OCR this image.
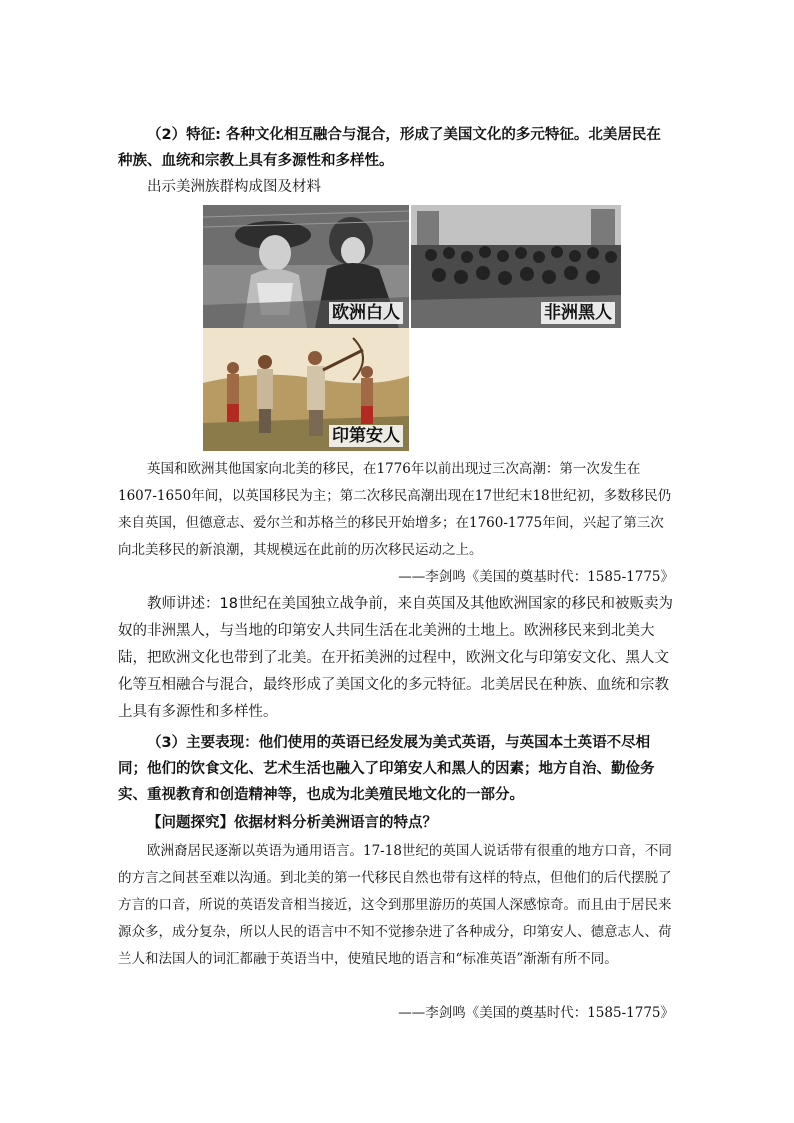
（2）特征: 各种文化相互融合与混合，形成了美国文化的多元特征。北美居民在种族、血统和宗教上具有多源性和多样性。

出示美洲族群构成图及材料

欧洲白人	非洲黑人
印第安人

英国和欧洲其他国家向北美的移民，在1776年以前出现过三次高潮：第一次发生在1607-1650年间，以英国移民为主；第二次移民高潮出现在17世纪末18世纪初，多数移民仍来自英国，但德意志、爱尔兰和苏格兰的移民开始增多；在1760-1775年间，兴起了第三次向北美移民的新浪潮，其规模远在此前的历次移民运动之上。

——李剑鸣《美国的奠基时代：1585-1775》

教师讲述：18世纪在美国独立战争前，来自英国及其他欧洲国家的移民和被贩卖为奴的非洲黑人，与当地的印第安人共同生活在北美洲的土地上。欧洲移民来到北美大陆，把欧洲文化也带到了北美。在开拓美洲的过程中，欧洲文化与印第安文化、黑人文化等互相融合与混合，最终形成了美国文化的多元特征。北美居民在种族、血统和宗教上具有多源性和多样性。

（3）主要表现：他们使用的英语已经发展为美式英语，与英国本土英语不尽相同；他们的饮食文化、艺术生活也融入了印第安人和黑人的因素；地方自治、勤俭务实、重视教育和创造精神等，也成为北美殖民地文化的一部分。

【问题探究】依据材料分析美洲语言的特点？

欧洲裔居民逐渐以英语为通用语言。17-18世纪的英国人说话带有很重的地方口音，不同的方言之间甚至难以沟通。到北美的第一代移民自然也带有这样的特点，但他们的后代摆脱了方言的口音，所说的英语发音相当接近，这令到那里游历的英国人深感惊奇。而且由于居民来源众多，成分复杂，所以人民的语言中不知不觉掺杂进了各种成分，印第安人、德意志人、荷兰人和法国人的词汇都融于英语当中，使殖民地的语言和“标准英语”渐渐有所不同。

——李剑鸣《美国的奠基时代：1585-1775》
